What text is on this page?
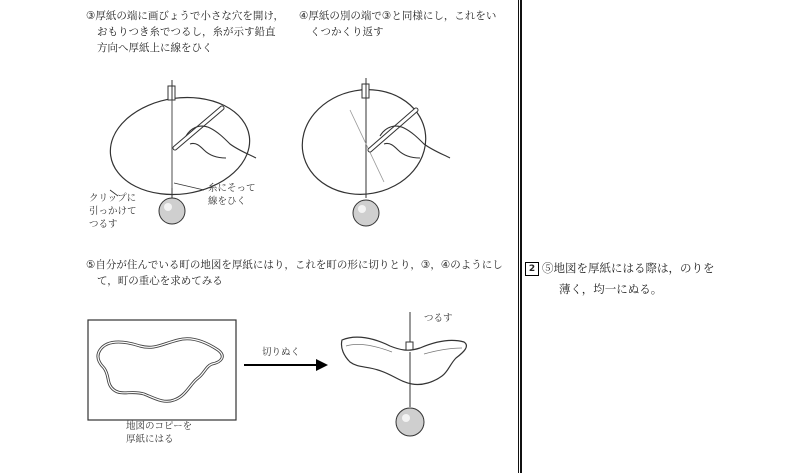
③厚紙の端に画びょうで小さな穴を開け，
おもりつき糸でつるし，糸が示す鉛直
方向へ厚紙上に線をひく
④厚紙の別の端で③と同様にし，これをい
くつかくり返す
クリップに
引っかけて
つるす
糸にそって
線をひく
⑤自分が住んでいる町の地図を厚紙にはり，これを町の形に切りとり，③，④のようにし
て，町の重心を求めてみる
地図のコピーを
厚紙にはる
切りぬく
つるす
2 ⑤地図を厚紙にはる際は，のりを
薄く，均一にぬる。
